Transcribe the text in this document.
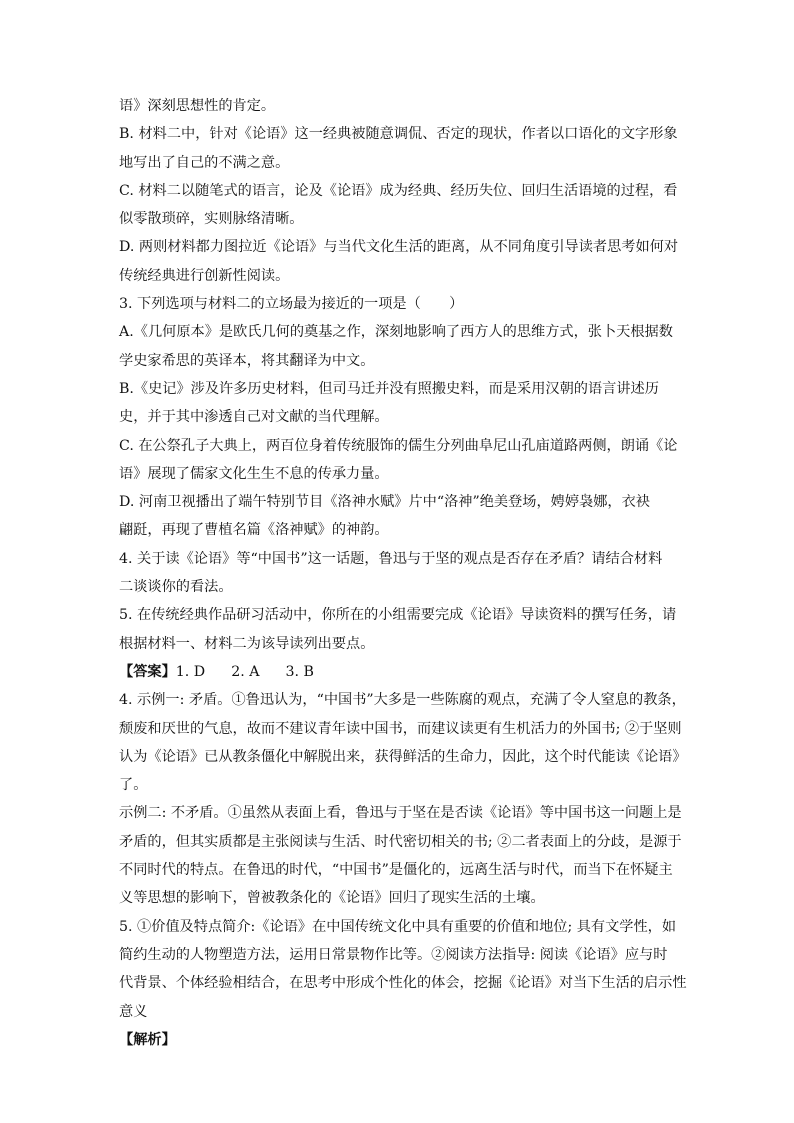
语》深刻思想性的肯定。
B. 材料二中，针对《论语》这一经典被随意调侃、否定的现状，作者以口语化的文字形象
地写出了自己的不满之意。
C. 材料二以随笔式的语言，论及《论语》成为经典、经历失位、回归生活语境的过程，看
似零散琐碎，实则脉络清晰。
D. 两则材料都力图拉近《论语》与当代文化生活的距离，从不同角度引导读者思考如何对
传统经典进行创新性阅读。
3. 下列选项与材料二的立场最为接近的一项是（　　）
A.《几何原本》是欧氏几何的奠基之作，深刻地影响了西方人的思维方式，张卜天根据数
学史家希思的英译本，将其翻译为中文。
B.《史记》涉及许多历史材料，但司马迁并没有照搬史料，而是采用汉朝的语言讲述历
史，并于其中渗透自己对文献的当代理解。
C. 在公祭孔子大典上，两百位身着传统服饰的儒生分列曲阜尼山孔庙道路两侧，朗诵《论
语》展现了儒家文化生生不息的传承力量。
D. 河南卫视播出了端午特别节目《洛神水赋》片中“洛神”绝美登场，娉婷袅娜，衣袂
翩跹，再现了曹植名篇《洛神赋》的神韵。
4. 关于读《论语》等“中国书”这一话题，鲁迅与于坚的观点是否存在矛盾？请结合材料
二谈谈你的看法。
5. 在传统经典作品研习活动中，你所在的小组需要完成《论语》导读资料的撰写任务，请
根据材料一、材料二为该导读列出要点。
【答案】1. D 2. A 3. B
4. 示例一: 矛盾。①鲁迅认为，“中国书”大多是一些陈腐的观点，充满了令人窒息的教条，
颓废和厌世的气息，故而不建议青年读中国书，而建议读更有生机活力的外国书; ②于坚则
认为《论语》已从教条僵化中解脱出来，获得鲜活的生命力，因此，这个时代能读《论语》
了。
示例二: 不矛盾。①虽然从表面上看，鲁迅与于坚在是否读《论语》等中国书这一问题上是
矛盾的，但其实质都是主张阅读与生活、时代密切相关的书; ②二者表面上的分歧，是源于
不同时代的特点。在鲁迅的时代，“中国书”是僵化的，远离生活与时代，而当下在怀疑主
义等思想的影响下，曾被教条化的《论语》回归了现实生活的土壤。
5. ①价值及特点简介:《论语》在中国传统文化中具有重要的价值和地位; 具有文学性，如
简约生动的人物塑造方法，运用日常景物作比等。②阅读方法指导: 阅读《论语》应与时
代背景、个体经验相结合，在思考中形成个性化的体会，挖掘《论语》对当下生活的启示性
意义
【解析】
